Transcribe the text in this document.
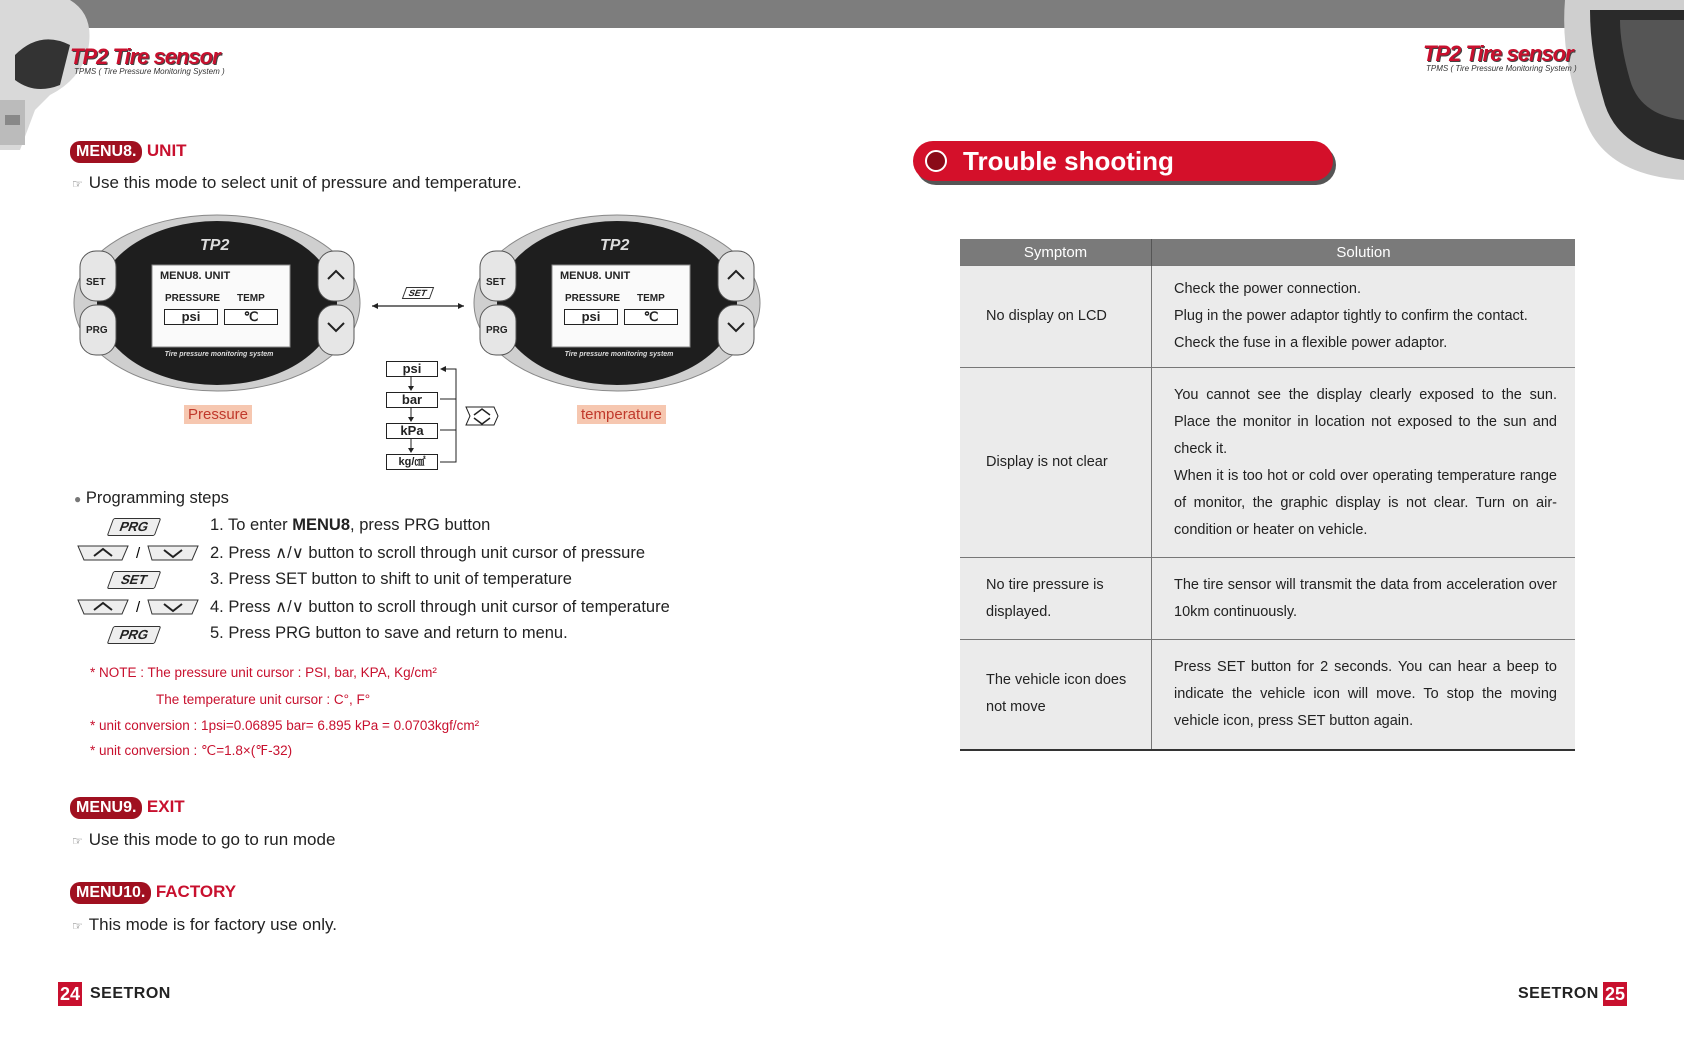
TP2 Tire sensor
TPMS ( Tire Pressure Monitoring System )
TP2 Tire sensor
TPMS ( Tire Pressure Monitoring System )
MENU8. UNIT
☞ Use this mode to select unit of pressure and temperature.
TP2
SET
PRG
MENU8. UNIT
PRESSURE TEMP
psi	℃
Tire pressure monitoring system
Pressure
TP2
SET
PRG
MENU8. UNIT
PRESSURE TEMP
psi	℃
Tire pressure monitoring system
temperature
SET
psi
bar
kPa
kg/㎠
● Programming steps
PRG	1. To enter MENU8, press PRG button
/	2. Press ∧/∨ button to scroll through unit cursor of pressure
SET	3. Press SET button to shift to unit of temperature
/	4. Press ∧/∨ button to scroll through unit cursor of temperature
PRG	5. Press PRG button to save and return to menu.
* NOTE : The pressure unit cursor : PSI, bar, KPA, Kg/cm²
The temperature unit cursor : C°, F°
* unit conversion : 1psi=0.06895 bar= 6.895 kPa = 0.0703kgf/cm²
* unit conversion : ℃=1.8×(℉-32)
MENU9. EXIT
☞ Use this mode to go to run mode
MENU10. FACTORY
☞ This mode is for factory use only.
24 SEETRON
Trouble shooting
Symptom	Solution
No display on LCD	Check the power connection.
Plug in the power adaptor tightly to confirm the contact.
Check the fuse in a flexible power adaptor.

Display is not clear	You cannot see the display clearly exposed to the sun. Place the monitor in location not exposed to the sun and check it.
When it is too hot or cold over operating temperature range of monitor, the graphic display is not clear. Turn on air-condition or heater on vehicle.

No tire pressure is displayed.	The tire sensor will transmit the data from acceleration over 10km continuously.

The vehicle icon does not move	Press SET button for 2 seconds. You can hear a beep to indicate the vehicle icon will move. To stop the moving vehicle icon, press SET button again.
SEETRON 25
